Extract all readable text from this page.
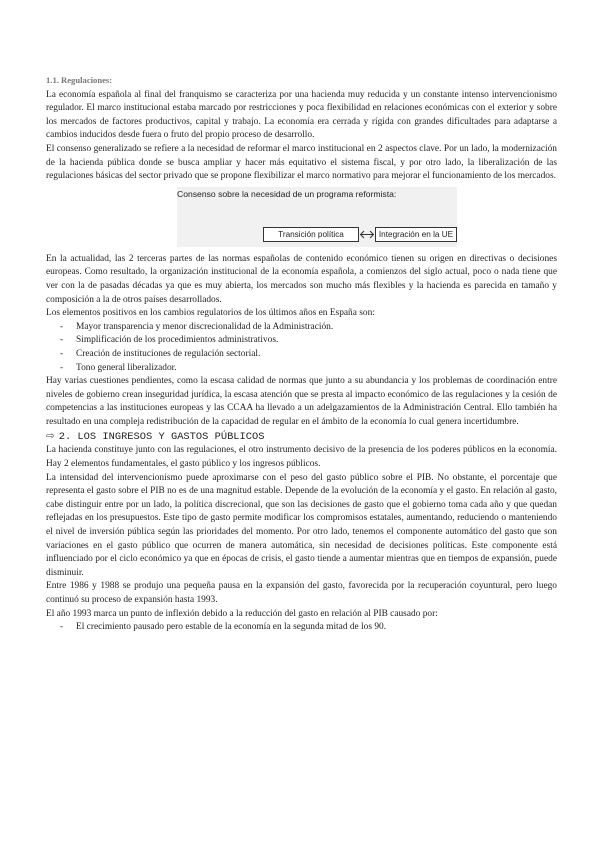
1.1. Regulaciones:

La economía española al final del franquismo se caracteriza por una hacienda muy reducida y un constante intenso intervencionismo regulador. El marco institucional estaba marcado por restricciones y poca flexibilidad en relaciones económicas con el exterior y sobre los mercados de factores productivos, capital y trabajo. La economía era cerrada y rígida con grandes dificultades para adaptarse a cambios inducidos desde fuera o fruto del propio proceso de desarrollo.

El consenso generalizado se refiere a la necesidad de reformar el marco institucional en 2 aspectos clave. Por un lado, la modernización de la hacienda pública donde se busca ampliar y hacer más equitativo el sistema fiscal, y por otro lado, la liberalización de las regulaciones básicas del sector privado que se propone flexibilizar el marco normativo para mejorar el funcionamiento de los mercados.

Consenso sobre la necesidad de un programa reformista:
Transición política	Integración en la UE

En la actualidad, las 2 terceras partes de las normas españolas de contenido económico tienen su origen en directivas o decisiones europeas. Como resultado, la organización institucional de la economía española, a comienzos del siglo actual, poco o nada tiene que ver con la de pasadas décadas ya que es muy abierta, los mercados son mucho más flexibles y la hacienda es parecida en tamaño y composición a la de otros países desarrollados.

Los elementos positivos en los cambios regulatorios de los últimos años en España son:

- Mayor transparencia y menor discrecionalidad de la Administración.
- Simplificación de los procedimientos administrativos.
- Creación de instituciones de regulación sectorial.
- Tono general liberalizador.

Hay varias cuestiones pendientes, como la escasa calidad de normas que junto a su abundancia y los problemas de coordinación entre niveles de gobierno crean inseguridad jurídica, la escasa atención que se presta al impacto económico de las regulaciones y la cesión de competencias a las instituciones europeas y las CCAA ha llevado a un adelgazamientos de la Administración Central. Ello también ha resultado en una compleja redistribución de la capacidad de regular en el ámbito de la economía lo cual genera incertidumbre.

⇨ 2. LOS INGRESOS Y GASTOS PÚBLICOS

La hacienda constituye junto con las regulaciones, el otro instrumento decisivo de la presencia de los poderes públicos en la economía. Hay 2 elementos fundamentales, el gasto público y los ingresos públicos.

La intensidad del intervencionismo puede aproximarse con el peso del gasto público sobre el PIB. No obstante, el porcentaje que representa el gasto sobre el PIB no es de una magnitud estable. Depende de la evolución de la economía y el gasto. En relación al gasto, cabe distinguir entre por un lado, la política discrecional, que son las decisiones de gasto que el gobierno toma cada año y que quedan reflejadas en los presupuestos. Este tipo de gasto permite modificar los compromisos estatales, aumentando, reduciendo o manteniendo el nivel de inversión pública según las prioridades del momento. Por otro lado, tenemos el componente automático del gasto que son variaciones en el gasto público que ocurren de manera automática, sin necesidad de decisiones políticas. Este componente está influenciado por el ciclo económico ya que en épocas de crisis, el gasto tiende a aumentar mientras que en tiempos de expansión, puede disminuir.

Entre 1986 y 1988 se produjo una pequeña pausa en la expansión del gasto, favorecida por la recuperación coyuntural, pero luego continuó su proceso de expansión hasta 1993.

El año 1993 marca un punto de inflexión debido a la reducción del gasto en relación al PIB causado por:

- El crecimiento pausado pero estable de la economía en la segunda mitad de los 90.
